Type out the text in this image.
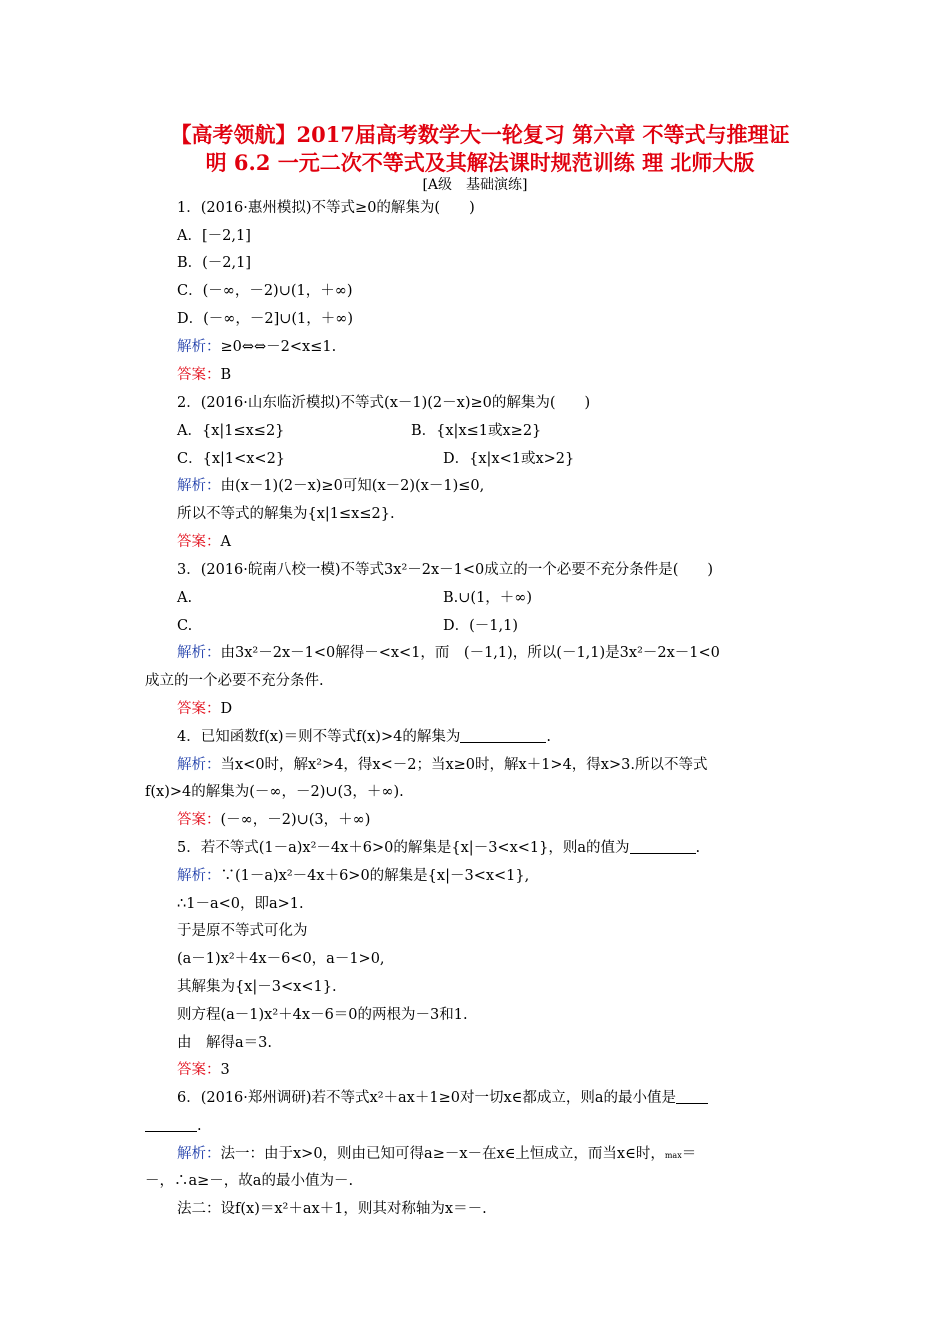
【高考领航】2017届高考数学大一轮复习 第六章 不等式与推理证
明 6.2 一元二次不等式及其解法课时规范训练 理 北师大版
[A级　基础演练]
1．(2016·惠州模拟)不等式≥0的解集为(　　)
A．[－2,1]
B．(－2,1]
C．(－∞，－2)∪(1，＋∞)
D．(－∞，－2]∪(1，＋∞)
解析：≥0⇔⇔－2<x≤1.
答案：B
2．(2016·山东临沂模拟)不等式(x－1)(2－x)≥0的解集为(　　)
A．{x|1≤x≤2}	B．{x|x≤1或x≥2}
C．{x|1<x<2}	D．{x|x<1或x>2}
解析：由(x－1)(2－x)≥0可知(x－2)(x－1)≤0,
所以不等式的解集为{x|1≤x≤2}.
答案：A
3．(2016·皖南八校一模)不等式3x²－2x－1<0成立的一个必要不充分条件是(　　)
A.	B.∪(1，＋∞)
C.	D．(－1,1)
解析：由3x²－2x－1<0解得－<x<1，而　(－1,1)，所以(－1,1)是3x²－2x－1<0
成立的一个必要不充分条件.
答案：D
4．已知函数f(x)＝则不等式f(x)>4的解集为	.
解析：当x<0时，解x²>4，得x<－2；当x≥0时，解x＋1>4，得x>3.所以不等式
f(x)>4的解集为(－∞，－2)∪(3，＋∞).
答案：(－∞，－2)∪(3，＋∞)
5．若不等式(1－a)x²－4x＋6>0的解集是{x|－3<x<1}，则a的值为	.
解析：∵(1－a)x²－4x＋6>0的解集是{x|－3<x<1},
∴1－a<0，即a>1.
于是原不等式可化为
(a－1)x²＋4x－6<0，a－1>0,
其解集为{x|－3<x<1}.
则方程(a－1)x²＋4x－6＝0的两根为－3和1.
由　解得a＝3.
答案：3
6．(2016·郑州调研)若不等式x²＋ax＋1≥0对一切x∈都成立，则a的最小值是
.
解析：法一：由于x>0，则由已知可得a≥－x－在x∈上恒成立，而当x∈时，max＝
－，∴a≥－，故a的最小值为－.
法二：设f(x)＝x²＋ax＋1，则其对称轴为x＝－.
